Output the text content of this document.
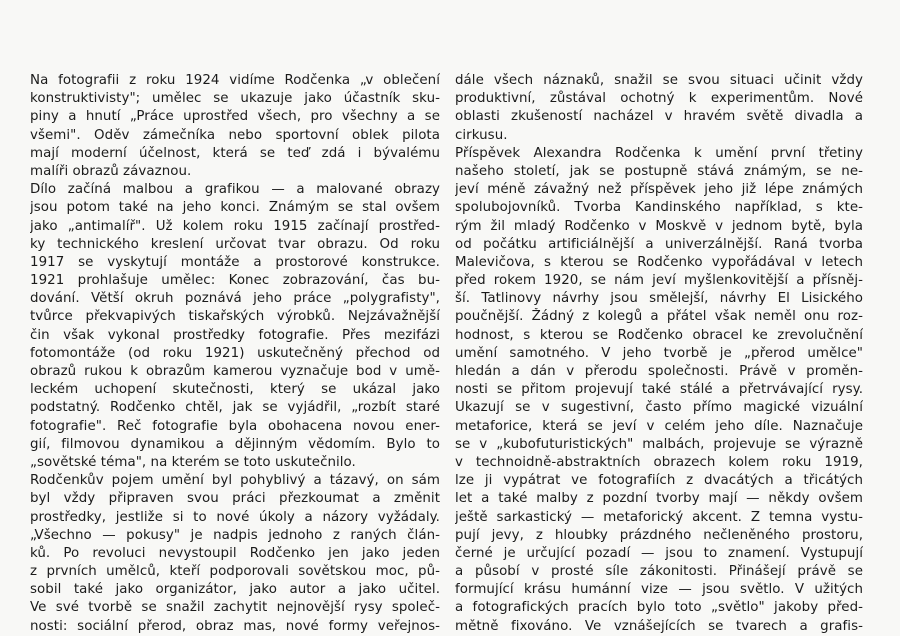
Na fotografii z roku 1924 vidíme Rodčenka „v oblečení
konstruktivisty"; umělec se ukazuje jako účastník sku-
piny a hnutí „Práce uprostřed všech, pro všechny a se
všemi". Oděv zámečníka nebo sportovní oblek pilota
mají moderní účelnost, která se teď zdá i bývalému
malíři obrazů závaznou.
Dílo začíná malbou a grafikou — a malované obrazy
jsou potom také na jeho konci. Známým se stal ovšem
jako „antimalíř". Už kolem roku 1915 začínají prostřed-
ky technického kreslení určovat tvar obrazu. Od roku
1917 se vyskytují montáže a prostorové konstrukce.
1921 prohlašuje umělec: Konec zobrazování, čas bu-
dování. Větší okruh poznává jeho práce „polygrafisty",
tvůrce překvapivých tiskařských výrobků. Nejzávažnější
čin však vykonal prostředky fotografie. Přes mezifázi
fotomontáže (od roku 1921) uskutečněný přechod od
obrazů rukou k obrazům kamerou vyznačuje bod v umě-
leckém uchopení skutečnosti, který se ukázal jako
podstatný. Rodčenko chtěl, jak se vyjádřil, „rozbít staré
fotografie". Reč fotografie byla obohacena novou ener-
gií, filmovou dynamikou a dějinným vědomím. Bylo to
„sovětské téma", na kterém se toto uskutečnilo.
Rodčenkův pojem umění byl pohyblivý a tázavý, on sám
byl vždy připraven svou práci přezkoumat a změnit
prostředky, jestliže si to nové úkoly a názory vyžádaly.
„Všechno — pokusy" je nadpis jednoho z raných člán-
ků. Po revoluci nevystoupil Rodčenko jen jako jeden
z prvních umělců, kteří podporovali sovětskou moc, pů-
sobil také jako organizátor, jako autor a jako učitel.
Ve své tvorbě se snažil zachytit nejnovější rysy společ-
nosti: sociální přerod, obraz mas, nové formy veřejnos-
dále všech náznaků, snažil se svou situaci učinit vždy
produktivní, zůstával ochotný k experimentům. Nové
oblasti zkušeností nacházel v hravém světě divadla a
cirkusu.
Příspěvek Alexandra Rodčenka k umění první třetiny
našeho století, jak se postupně stává známým, se ne-
jeví méně závažný než příspěvek jeho již lépe známých
spolubojovníků. Tvorba Kandinského například, s kte-
rým žil mladý Rodčenko v Moskvě v jednom bytě, byla
od počátku artificiálnější a univerzálnější. Raná tvorba
Malevičova, s kterou se Rodčenko vypořádával v letech
před rokem 1920, se nám jeví myšlenkovitější a přísněj-
ší. Tatlinovy návrhy jsou smělejší, návrhy El Lisického
poučnější. Žádný z kolegů a přátel však neměl onu roz-
hodnost, s kterou se Rodčenko obracel ke zrevolučnění
umění samotného. V jeho tvorbě je „přerod umělce"
hledán a dán v přerodu společnosti. Právě v proměn-
nosti se přitom projevují také stálé a přetrvávající rysy.
Ukazují se v sugestivní, často přímo magické vizuální
metaforice, která se jeví v celém jeho díle. Naznačuje
se v „kubofuturistických" malbách, projevuje se výrazně
v technoidně-abstraktních obrazech kolem roku 1919,
lze ji vypátrat ve fotografiích z dvacátých a třicátých
let a také malby z pozdní tvorby mají — někdy ovšem
ještě sarkastický — metaforický akcent. Z temna vystu-
pují jevy, z hloubky prázdného nečleněného prostoru,
černé je určující pozadí — jsou to znamení. Vystupují
a působí v prosté síle zákonitosti. Přinášejí právě se
formující krásu humánní vize — jsou světlo. V užitých
a fotografických pracích bylo toto „světlo" jakoby před-
mětně fixováno. Ve vznášejících se tvarech a grafis-
